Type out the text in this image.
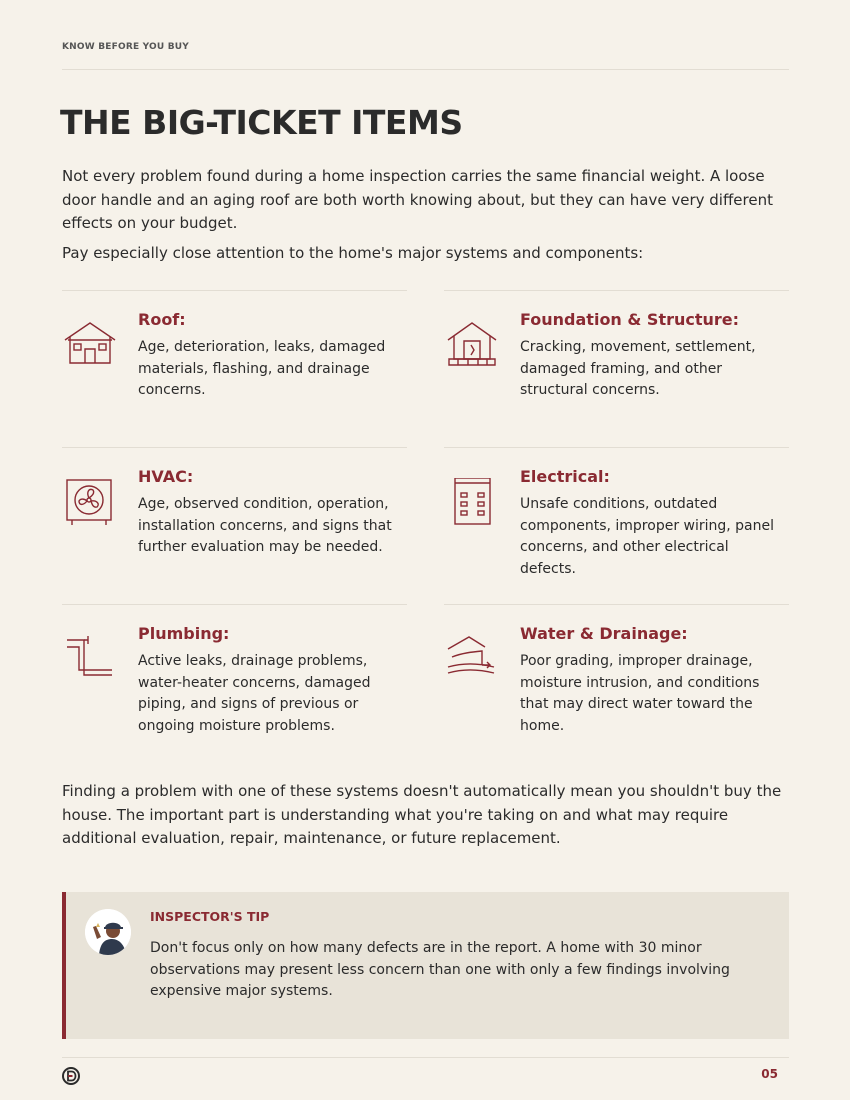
KNOW BEFORE YOU BUY
THE BIG-TICKET ITEMS

Not every problem found during a home inspection carries the same financial weight. A loose door handle and an aging roof are both worth knowing about, but they can have very different effects on your budget.

Pay especially close attention to the home's major systems and components:

Roof:
Age, deterioration, leaks, damaged materials, flashing, and drainage concerns.
Foundation & Structure:
Cracking, movement, settlement, damaged framing, and other structural concerns.
HVAC:
Age, observed condition, operation, installation concerns, and signs that further evaluation may be needed.
Electrical:
Unsafe conditions, outdated components, improper wiring, panel concerns, and other electrical defects.
Plumbing:
Active leaks, drainage problems, water-heater concerns, damaged piping, and signs of previous or ongoing moisture problems.
Water & Drainage:
Poor grading, improper drainage, moisture intrusion, and conditions that may direct water toward the home.

Finding a problem with one of these systems doesn't automatically mean you shouldn't buy the house. The important part is understanding what you're taking on and what may require additional evaluation, repair, maintenance, or future replacement.

INSPECTOR'S TIP
Don't focus only on how many defects are in the report. A home with 30 minor observations may present less concern than one with only a few findings involving expensive major systems.
05
